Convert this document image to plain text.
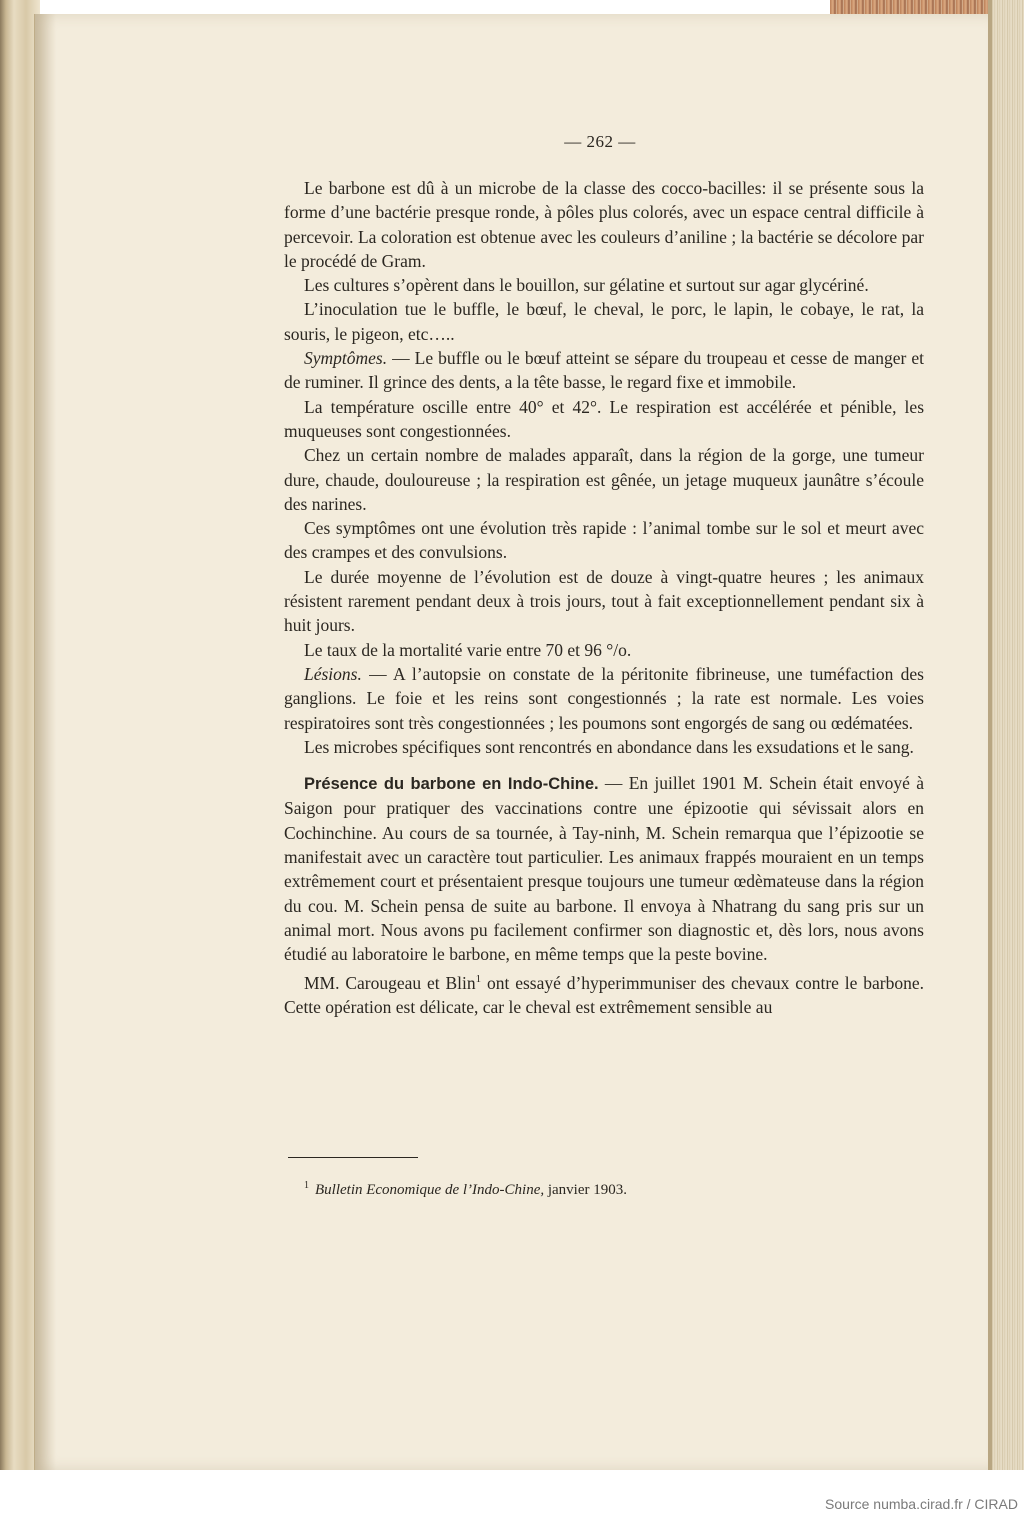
— 262 —

Le barbone est dû à un microbe de la classe des cocco-bacilles: il se présente sous la forme d’une bactérie presque ronde, à pôles plus colorés, avec un espace central difficile à percevoir. La coloration est obtenue avec les couleurs d’aniline ; la bactérie se décolore par le procédé de Gram.

Les cultures s’opèrent dans le bouillon, sur gélatine et surtout sur agar glycériné.

L’inoculation tue le buffle, le bœuf, le cheval, le porc, le lapin, le cobaye, le rat, la souris, le pigeon, etc…..

Symptômes. — Le buffle ou le bœuf atteint se sépare du troupeau et cesse de manger et de ruminer. Il grince des dents, a la tête basse, le regard fixe et immobile.

La température oscille entre 40° et 42°. Le respiration est accélérée et pénible, les muqueuses sont congestionnées.

Chez un certain nombre de malades apparaît, dans la région de la gorge, une tumeur dure, chaude, douloureuse ; la respiration est gênée, un jetage muqueux jaunâtre s’écoule des narines.

Ces symptômes ont une évolution très rapide : l’animal tombe sur le sol et meurt avec des crampes et des convulsions.

Le durée moyenne de l’évolution est de douze à vingt-quatre heures ; les animaux résistent rarement pendant deux à trois jours, tout à fait exceptionnellement pendant six à huit jours.

Le taux de la mortalité varie entre 70 et 96 °/o.

Lésions. — A l’autopsie on constate de la péritonite fibrineuse, une tuméfaction des ganglions. Le foie et les reins sont congestionnés ; la rate est normale. Les voies respiratoires sont très congestionnées ; les poumons sont engorgés de sang ou œdématées.

Les microbes spécifiques sont rencontrés en abondance dans les exsudations et le sang.

Présence du barbone en Indo-Chine. — En juillet 1901 M. Schein était envoyé à Saigon pour pratiquer des vaccinations contre une épizootie qui sévissait alors en Cochinchine. Au cours de sa tournée, à Tay-ninh, M. Schein remarqua que l’épizootie se manifestait avec un caractère tout particulier. Les animaux frappés mouraient en un temps extrêmement court et présentaient presque toujours une tumeur œdèmateuse dans la région du cou. M. Schein pensa de suite au barbone. Il envoya à Nhatrang du sang pris sur un animal mort. Nous avons pu facilement confirmer son diagnostic et, dès lors, nous avons étudié au laboratoire le barbone, en même temps que la peste bovine.

MM. Carougeau et Blin$^1$ ont essayé d’hyperimmuniser des chevaux contre le barbone. Cette opération est délicate, car le cheval est extrêmement sensible au

$^1$ Bulletin Economique de l’Indo-Chine, janvier 1903.
Source numba.cirad.fr / CIRAD
